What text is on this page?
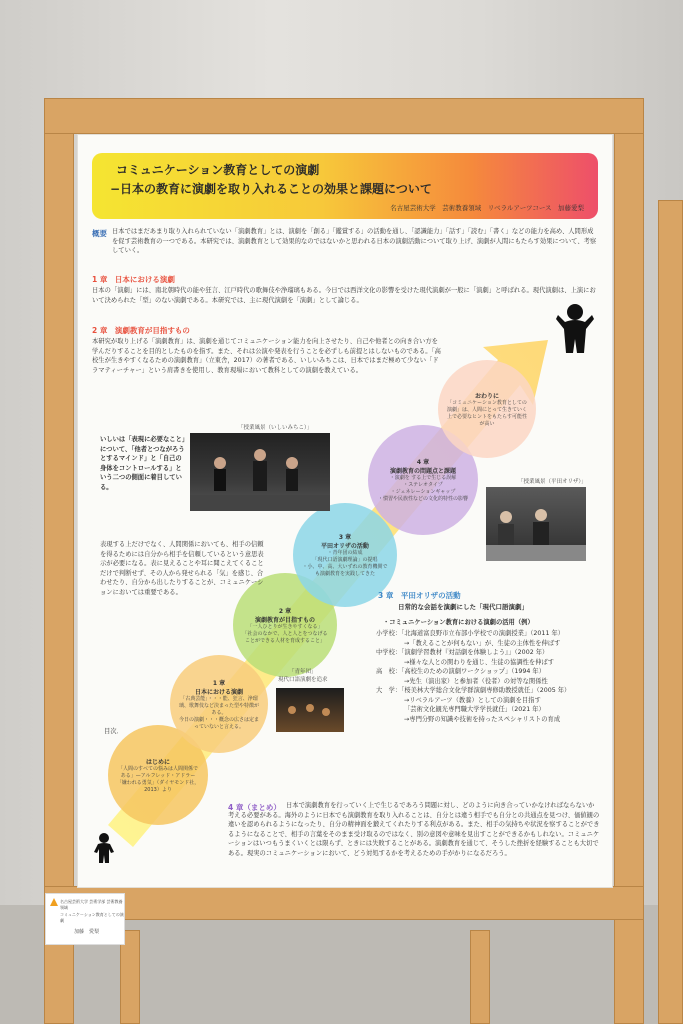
コミュニケーション教育としての演劇
−日本の教育に演劇を取り入れることの効果と課題について
名古屋芸術大学　芸術教養領域　リベラルアーツコース　加藤愛梨
概要 日本ではまだあまり取り入れられていない「演劇教育」とは、演劇を「創る」「鑑賞する」の活動を通し、「認識能力」「話す」「読む」「書く」などの能力を高め、人間形成を促す芸術教育の一つである。本研究では、演劇教育として効果的なのではないかと思われる日本の演劇活動について取り上げ、演劇が人間にもたらす効果について、考察していく。
1 章　日本における演劇
日本の「演劇」には、南北朝時代の能や狂言、江戸時代の歌舞伎や浄瑠璃もある。今日では西洋文化の影響を受けた現代演劇が一般に「演劇」と呼ばれる。現代演劇は、上演において決められた「型」のない演劇である。本研究では、主に現代演劇を「演劇」として論じる。
2 章　演劇教育が目指すもの
本研究が取り上げる「演劇教育」は、演劇を通じてコミュニケーション能力を向上させたり、自己や他者との向き合い方を学んだりすることを目的としたものを指す。また、それは公演や発表を行うことを必ずしも前提とはしないものである。「高校生が生きやすくなるための演劇教育」（立東舎，2017）の著者である、いしいみちこは、日本ではまだ極めて少ない「ドラマティーチャー」という肩書きを使用し、教育現場において教科としての演劇を教えている。
はじめに
「人間のすべての悩みは人間関係である」—アルフレッド・アドラー「嫌われる勇気」（ダイヤモンド社，2013）より
1 章
日本における演劇
「古典芸能」・・・能、狂言、浄瑠璃、歌舞伎など決まった型や特徴がある。
今日の演劇・・・概念の広さは定まっていないと言える。
2 章
演劇教育が目指すもの
「一人ひとりが生きやすくなる」
「社会のなかで、人と人とをつなげることができる人材を育成すること」
3 章
平田オリザの活動
・青年団の結成
「現代口語演劇理論」の提唱
・小、中、高、大いずれの教育機関でも演劇教育を実践してきた
4 章
演劇教育の問題点と課題
・演劇を する上で生じる誤解
・ステレオタイプ
・ジェネレーションギャップ
・慣習や民族性などの文化的特性の影響
おわりに
「コミュニケーション教育としての演劇」は、人間にとって生きていく上で必要なヒントをもたらす可能性が高い
いしいは「表現に必要なこと」について、「他者とつながろうとするマインド」と「自己の身体をコントロールする」という二つの側面に着目している。
表現する上だけでなく、人間関係においても、相手の信頼を得るためには自分から相手を信頼しているという意思表示が必要になる。表に見えることや耳に聞こえてくることだけで判断せず、その人から発せられる「気」を感じ、合わせたり、自分から出したりすることが、コミュニケーションにおいては重要である。
目次．
「授業風景（いしいみちこ）」
「授業風景（平田オリザ）」
「青年団」
現代口語演劇を追求
3 章　平田オリザの活動
日常的な会話を演劇にした「現代口語演劇」
・コミュニケーション教育における演劇の活用（例）
小学校：「北海道富良野市立布部小学校での演劇授業」（2011 年）
→「教えることが何もない」が、生徒の主体性を伸ばす
中学校：「演劇学習教材『対話劇を体験しよう』」（2002 年）
→様々な人との関わりを通じ、生徒の協調性を伸ばす
高　校：「高校生のための演劇ワークショップ」（1994 年）
→先生（演出家）と参加者（役者）の対等な関係性
大　学：「桜美林大学総合文化学群演劇専修助教授就任」（2005 年）
→リベラルアーツ（教養）としての演劇を目指す
「芸術文化観光専門職大学学長就任」（2021 年）
→専門分野の知識や技術を持ったスペシャリストの育成
4 章（まとめ） 日本で演劇教育を行っていく上で生じるであろう問題に対し、どのように向き合っていかなければならないか考える必要がある。海外のように日本でも演劇教育を取り入れることは、自分とは違う相手でも自分との共通点を見つけ、価値観の違いを認められるようになったり、自分の精神面を鍛えてくれたりする利点がある。また、相手の気持ちや状況を察することができるようになることで、相手の言葉をそのまま受け取るのではなく、別の意図や意味を見出すことができるかもしれない。コミュニケーションはいつもうまくいくとは限らず、ときには失敗することがある。演劇教育を通じて、そうした挫折を経験することも大切である。現実のコミュニケーションにおいて、どう対処するかを考えるための手がかりになるだろう。
名古屋芸術大学 芸術学部 芸術教養領域
コミュニケーション教育としての演劇
加藤　愛梨
